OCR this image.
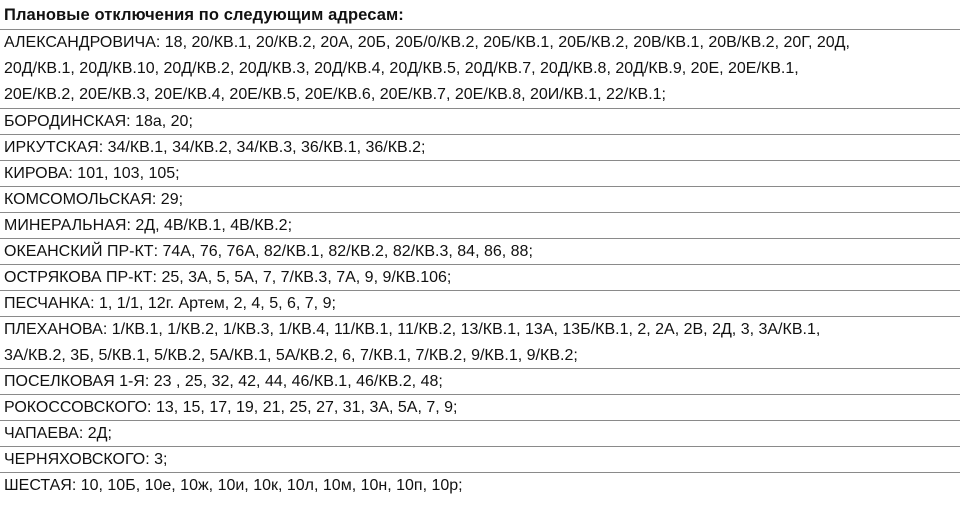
Плановые отключения по следующим адресам:
АЛЕКСАНДРОВИЧА: 18, 20/КВ.1, 20/КВ.2, 20А, 20Б, 20Б/0/КВ.2, 20Б/КВ.1, 20Б/КВ.2, 20В/КВ.1, 20В/КВ.2, 20Г, 20Д,
20Д/КВ.1, 20Д/КВ.10, 20Д/КВ.2, 20Д/КВ.3, 20Д/КВ.4, 20Д/КВ.5, 20Д/КВ.7, 20Д/КВ.8, 20Д/КВ.9, 20Е, 20Е/КВ.1,
20Е/КВ.2, 20Е/КВ.3, 20Е/КВ.4, 20Е/КВ.5, 20Е/КВ.6, 20Е/КВ.7, 20Е/КВ.8, 20И/КВ.1, 22/КВ.1;
БОРОДИНСКАЯ: 18а, 20;
ИРКУТСКАЯ: 34/КВ.1, 34/КВ.2, 34/КВ.3, 36/КВ.1, 36/КВ.2;
КИРОВА: 101, 103, 105;
КОМСОМОЛЬСКАЯ: 29;
МИНЕРАЛЬНАЯ: 2Д, 4В/КВ.1, 4В/КВ.2;
ОКЕАНСКИЙ ПР-КТ: 74А, 76, 76А, 82/КВ.1, 82/КВ.2, 82/КВ.3, 84, 86, 88;
ОСТРЯКОВА ПР-КТ: 25, 3А, 5, 5А, 7, 7/КВ.3, 7А, 9, 9/КВ.106;
ПЕСЧАНКА: 1, 1/1, 12г. Артем, 2, 4, 5, 6, 7, 9;
ПЛЕХАНОВА: 1/КВ.1, 1/КВ.2, 1/КВ.3, 1/КВ.4, 11/КВ.1, 11/КВ.2, 13/КВ.1, 13А, 13Б/КВ.1, 2, 2А, 2В, 2Д, 3, 3А/КВ.1,
3А/КВ.2, 3Б, 5/КВ.1, 5/КВ.2, 5А/КВ.1, 5А/КВ.2, 6, 7/КВ.1, 7/КВ.2, 9/КВ.1, 9/КВ.2;
ПОСЕЛКОВАЯ 1-Я: 23 , 25, 32, 42, 44, 46/КВ.1, 46/КВ.2, 48;
РОКОССОВСКОГО: 13, 15, 17, 19, 21, 25, 27, 31, 3А, 5А, 7, 9;
ЧАПАЕВА: 2Д;
ЧЕРНЯХОВСКОГО: 3;
ШЕСТАЯ: 10, 10Б, 10е, 10ж, 10и, 10к, 10л, 10м, 10н, 10п, 10р;
